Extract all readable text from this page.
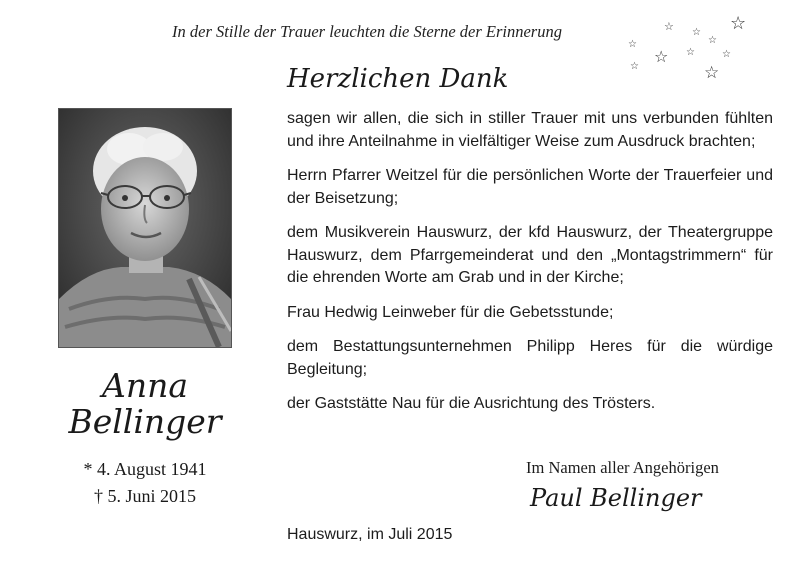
In der Stille der Trauer leuchten die Sterne der Erinnerung	☆
☆ ☆
☆
☆
☆ ☆	☆
☆
☆
Herzlichen Dank

sagen wir allen, die sich in stiller Trauer mit uns verbunden fühlten und ihre Anteilnahme in vielfältiger Weise zum Ausdruck brachten;

Herrn Pfarrer Weitzel für die persönlichen Worte der Trauerfeier und der Beisetzung;

dem Musikverein Hauswurz, der kfd Hauswurz, der Theatergruppe Hauswurz, dem Pfarrgemeinderat und den „Montagstrimmern“ für die ehrenden Worte am Grab und in der Kirche;

Frau Hedwig Leinweber für die Gebetsstunde;

dem Bestattungsunternehmen Philipp Heres für die würdige Begleitung;

der Gaststätte Nau für die Ausrichtung des Trösters.

Anna
Bellinger
* 4. August 1941
† 5. Juni 2015
Im Namen aller Angehörigen
Paul Bellinger
Hauswurz, im Juli 2015
